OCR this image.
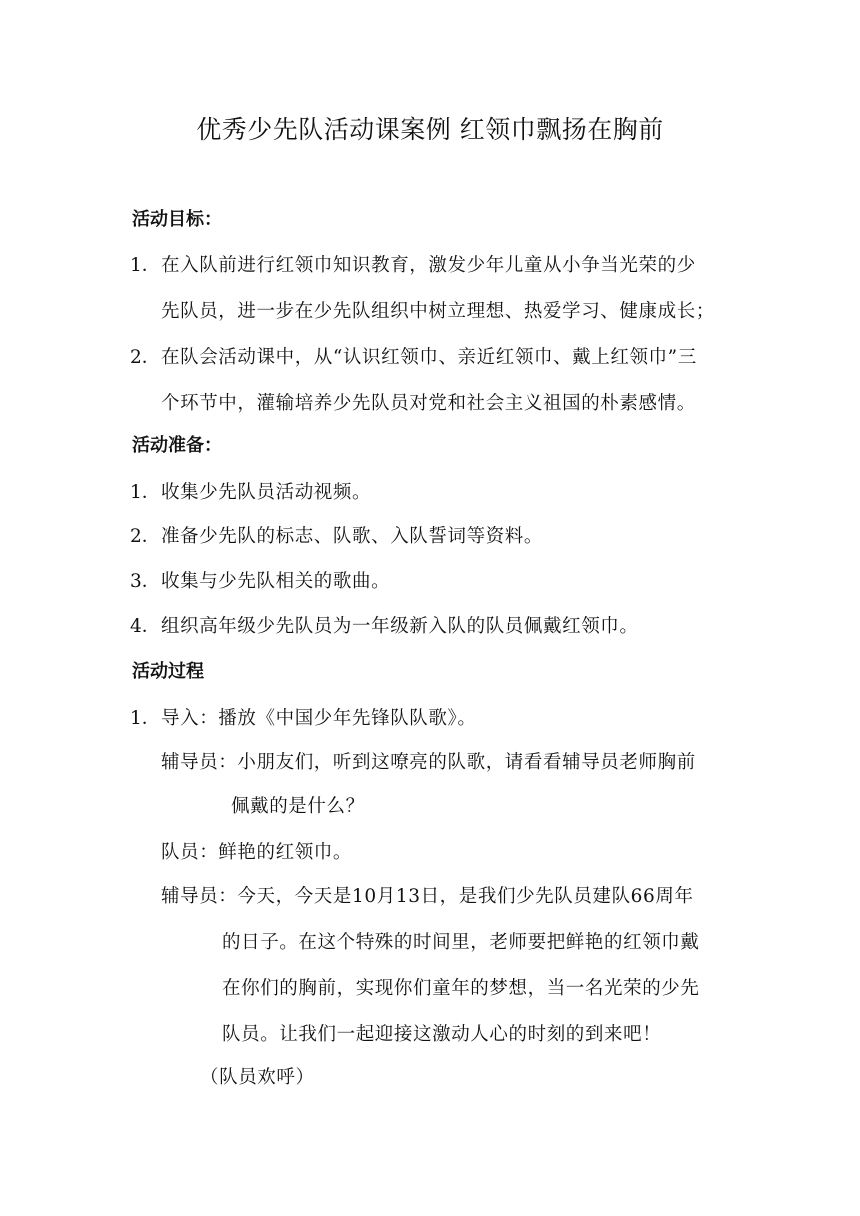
优秀少先队活动课案例 红领巾飘扬在胸前
活动目标：
1． 在入队前进行红领巾知识教育，激发少年儿童从小争当光荣的少
先队员，进一步在少先队组织中树立理想、热爱学习、健康成长；
2． 在队会活动课中，从“认识红领巾、亲近红领巾、戴上红领巾”三
个环节中，灌输培养少先队员对党和社会主义祖国的朴素感情。
活动准备：
1． 收集少先队员活动视频。
2． 准备少先队的标志、队歌、入队誓词等资料。
3． 收集与少先队相关的歌曲。
4． 组织高年级少先队员为一年级新入队的队员佩戴红领巾。
活动过程
1． 导入：播放《中国少年先锋队队歌》。
辅导员：小朋友们，听到这嘹亮的队歌，请看看辅导员老师胸前
佩戴的是什么？
队员：鲜艳的红领巾。
辅导员：今天，今天是10月13日，是我们少先队员建队66周年
的日子。在这个特殊的时间里，老师要把鲜艳的红领巾戴
在你们的胸前，实现你们童年的梦想，当一名光荣的少先
队员。让我们一起迎接这激动人心的时刻的到来吧！
（队员欢呼）
